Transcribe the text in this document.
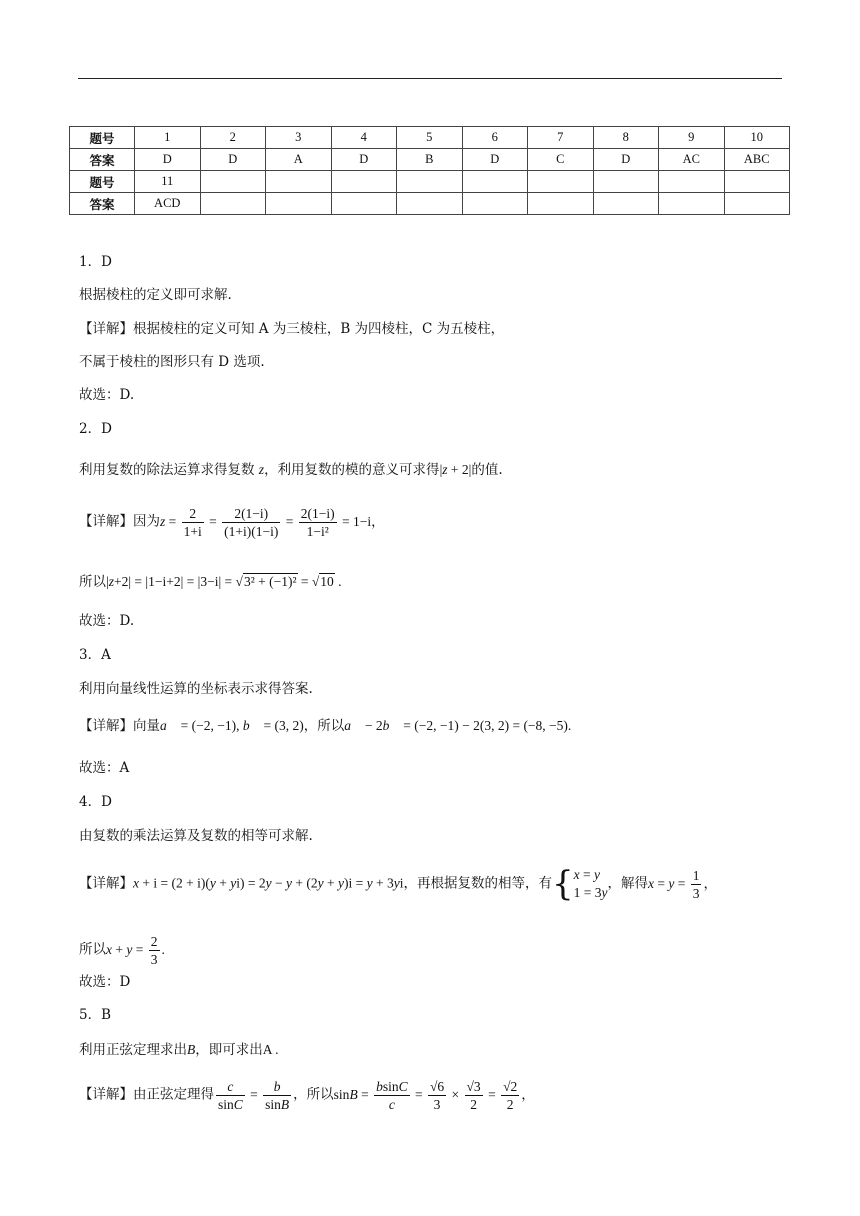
题号	1	2	3	4	5	6	7	8	9	10
答案	D	D	A	D	B	D	C	D	AC	ABC
题号	11									
答案	ACD									
1．D
根据棱柱的定义即可求解.
【详解】根据棱柱的定义可知 A 为三棱柱，B 为四棱柱，C 为五棱柱，
不属于棱柱的图形只有 D 选项.
故选：D.
2．D
利用复数的除法运算求得复数 z，利用复数的模的意义可求得|z + 2|的值.
【详解】因为$z = \frac{2}{1+i} = \frac{2(1-i)}{(1+i)(1-i)} = \frac{2(1-i)}{\text{1−i²}} = 1-i$，
所以|z+2| = |1−i+2| = |3−i| = √3² + (−1)² = √10 .
故选：D.
3．A
利用向量线性运算的坐标表示求得答案.
【详解】向量a⃗ = (−2, −1), b⃗ = (3, 2)，所以a⃗ − 2b⃗ = (−2, −1) − 2(3, 2) = (−8, −5).
故选：A
4．D
由复数的乘法运算及复数的相等可求解.
【详解】x + i = (2 + i)(y + yi) = 2y − y + (2y + y)i = y + 3yi，再根据复数的相等，有{x = y
1 = 3y，解得$x = y = \frac{1}{3}$ ，
所以$x + y = \frac{2}{3}$ .
故选：D
5．B
利用正弦定理求出B，即可求出A .
【详解】由正弦定理得 $\frac{c}{\sin C} = \frac{b}{\sin B}$ ，所以$\sin B = \frac{bsinC}{c} = \frac{√6}{3} \times \frac{√3}{2} = \frac{√2}{2}$ ，
